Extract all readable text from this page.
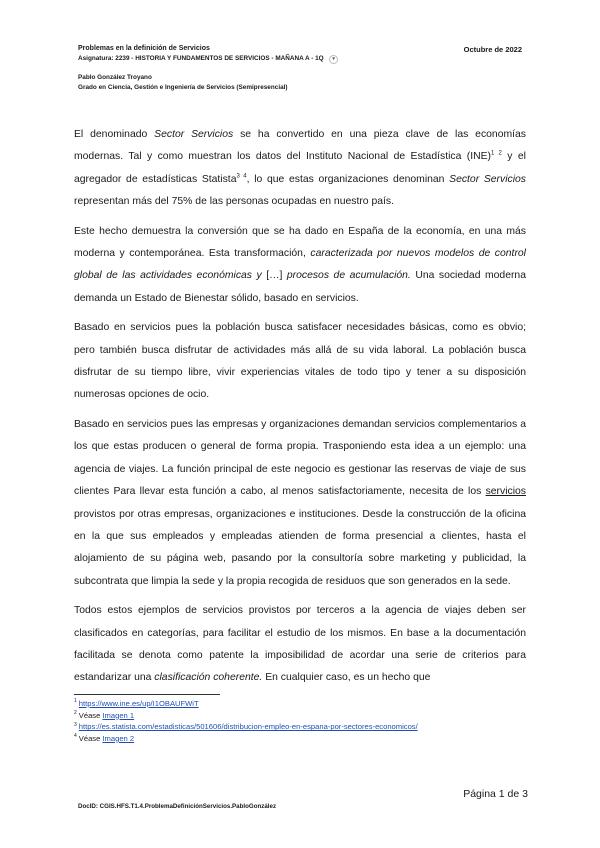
Problemas en la definición de Servicios	Octubre de 2022
Asignatura: 2239 - HISTORIA Y FUNDAMENTOS DE SERVICIOS - MAÑANA A - 1Q ▾
Pablo González Troyano
Grado en Ciencia, Gestión e Ingeniería de Servicios (Semipresencial)

El denominado Sector Servicios se ha convertido en una pieza clave de las economías modernas. Tal y como muestran los datos del Instituto Nacional de Estadística (INE)$^{1 2}$ y el agregador de estadísticas Statista$^{3 4}$, lo que estas organizaciones denominan Sector Servicios representan más del 75% de las personas ocupadas en nuestro país.

Este hecho demuestra la conversión que se ha dado en España de la economía, en una más moderna y contemporánea. Esta transformación, caracterizada por nuevos modelos de control global de las actividades económicas y […] procesos de acumulación. Una sociedad moderna demanda un Estado de Bienestar sólido, basado en servicios.

Basado en servicios pues la población busca satisfacer necesidades básicas, como es obvio; pero también busca disfrutar de actividades más allá de su vida laboral. La población busca disfrutar de su tiempo libre, vivir experiencias vitales de todo tipo y tener a su disposición numerosas opciones de ocio.

Basado en servicios pues las empresas y organizaciones demandan servicios complementarios a los que estas producen o general de forma propia. Trasponiendo esta idea a un ejemplo: una agencia de viajes. La función principal de este negocio es gestionar las reservas de viaje de sus clientes Para llevar esta función a cabo, al menos satisfactoriamente, necesita de los servicios provistos por otras empresas, organizaciones e instituciones. Desde la construcción de la oficina en la que sus empleados y empleadas atienden de forma presencial a clientes, hasta el alojamiento de su página web, pasando por la consultoría sobre marketing y publicidad, la subcontrata que limpia la sede y la propia recogida de residuos que son generados en la sede.

Todos estos ejemplos de servicios provistos por terceros a la agencia de viajes deben ser clasificados en categorías, para facilitar el estudio de los mismos. En base a la documentación facilitada se denota como patente la imposibilidad de acordar una serie de criterios para estandarizar una clasificación coherente. En cualquier caso, es un hecho que

$^1$ https://www.ine.es/up/I1OBAUFWiT
$^2$ Véase Imagen 1
$^3$ https://es.statista.com/estadisticas/501606/distribucion-empleo-en-espana-por-sectores-economicos/
$^4$ Véase Imagen 2
Página 1 de 3
DocID: CGIS.HFS.T1.4.ProblemaDefiniciónServicios.PabloGonzález
